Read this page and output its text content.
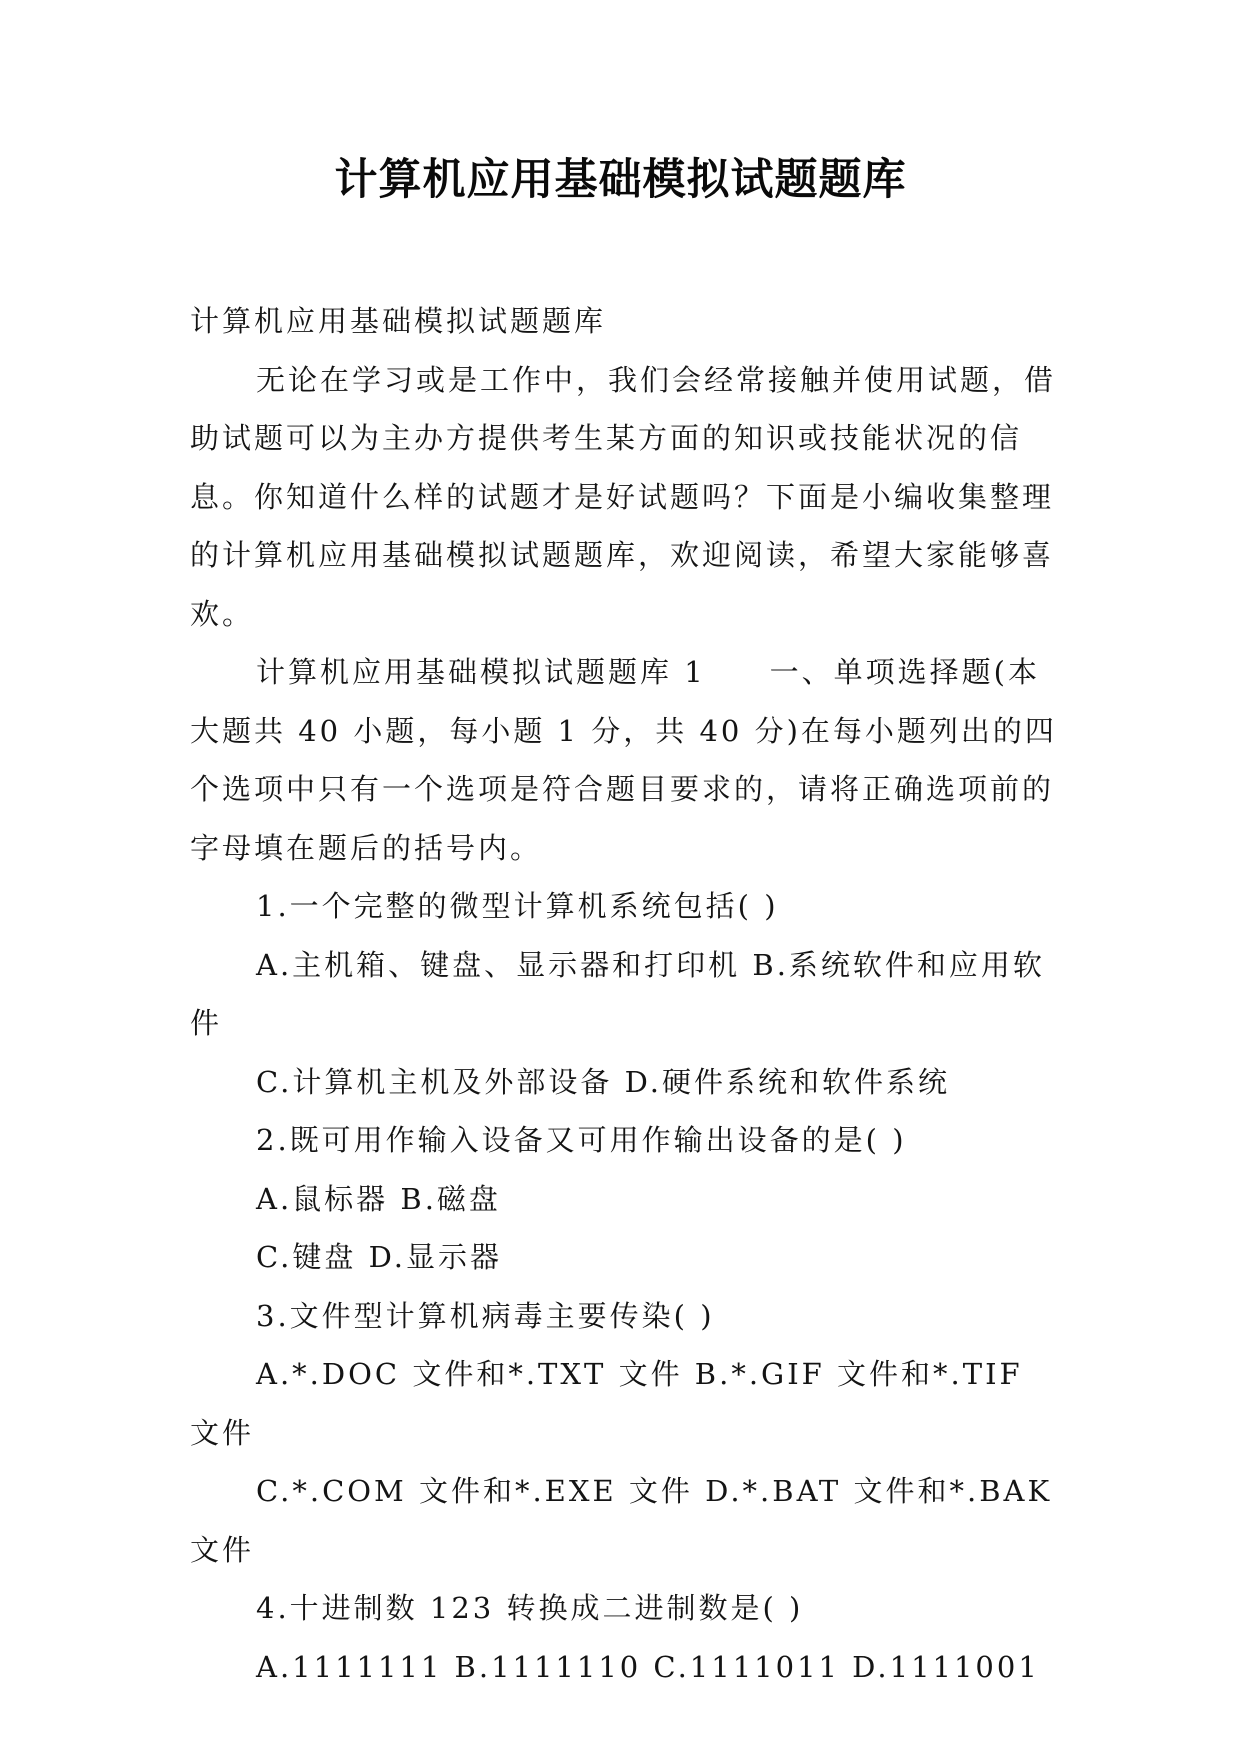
计算机应用基础模拟试题题库

计算机应用基础模拟试题题库

无论在学习或是工作中，我们会经常接触并使用试题，借助试题可以为主办方提供考生某方面的知识或技能状况的信息。你知道什么样的试题才是好试题吗？下面是小编收集整理的计算机应用基础模拟试题题库，欢迎阅读，希望大家能够喜欢。

计算机应用基础模拟试题题库 1　　一、单项选择题(本大题共 40 小题，每小题 1 分，共 40 分)在每小题列出的四个选项中只有一个选项是符合题目要求的，请将正确选项前的字母填在题后的括号内。

1.一个完整的微型计算机系统包括( )

A.主机箱、键盘、显示器和打印机 B.系统软件和应用软件

C.计算机主机及外部设备 D.硬件系统和软件系统

2.既可用作输入设备又可用作输出设备的是( )

A.鼠标器 B.磁盘

C.键盘 D.显示器

3.文件型计算机病毒主要传染( )

A.*.DOC 文件和*.TXT 文件 B.*.GIF 文件和*.TIF 文件

C.*.COM 文件和*.EXE 文件 D.*.BAT 文件和*.BAK 文件

4.十进制数 123 转换成二进制数是( )

A.1111111 B.1111110 C.1111011 D.1111001
